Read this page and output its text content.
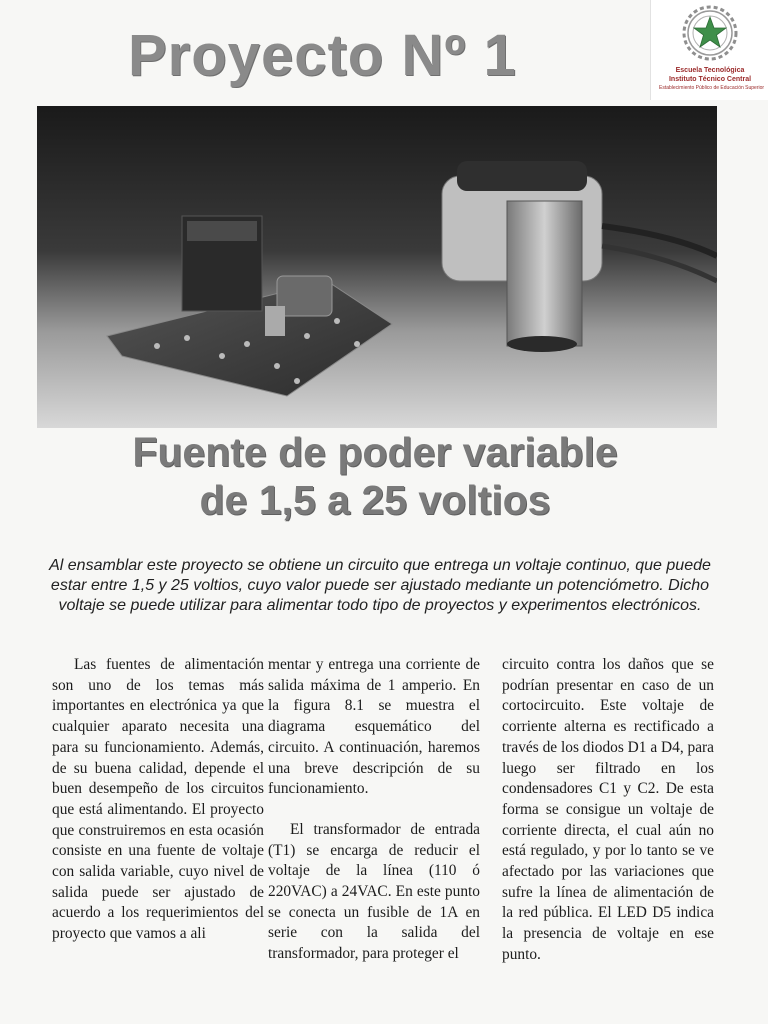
Proyecto Nº 1	Escuela Tecnológica
Instituto Técnico Central
Establecimiento Público de Educación Superior
Fuente de poder variable
de 1,5 a 25 voltios

Al ensamblar este proyecto se obtiene un circuito que entrega un voltaje continuo, que puede estar entre 1,5 y 25 voltios, cuyo valor puede ser ajustado mediante un potenciómetro. Dicho voltaje se puede utilizar para alimentar todo tipo de proyectos y experimentos electrónicos.

Las fuentes de alimentación son uno de los temas más importantes en electrónica ya que cualquier aparato necesita una para su funcionamiento. Además, de su buena calidad, depende el buen desempeño de los circuitos que está alimentando. El proyecto que construiremos en esta ocasión consiste en una fuente de voltaje con salida variable, cuyo nivel de salida puede ser ajustado de acuerdo a los requerimientos del proyecto que vamos a ali

mentar y entrega una corriente de salida máxima de 1 amperio. En la figura 8.1 se muestra el diagrama esquemático del circuito. A continuación, haremos una breve descripción de su funcionamiento.

El transformador de entrada (T1) se encarga de reducir el voltaje de la línea (110 ó 220VAC) a 24VAC. En este punto se conecta un fusible de 1A en serie con la salida del transformador, para proteger el

circuito contra los daños que se podrían presentar en caso de un cortocircuito. Este voltaje de corriente alterna es rectificado a través de los diodos D1 a D4, para luego ser filtrado en los condensadores C1 y C2. De esta forma se consigue un voltaje de corriente directa, el cual aún no está regulado, y por lo tanto se ve afectado por las variaciones que sufre la línea de alimentación de la red pública. El LED D5 indica la presencia de voltaje en ese punto.
